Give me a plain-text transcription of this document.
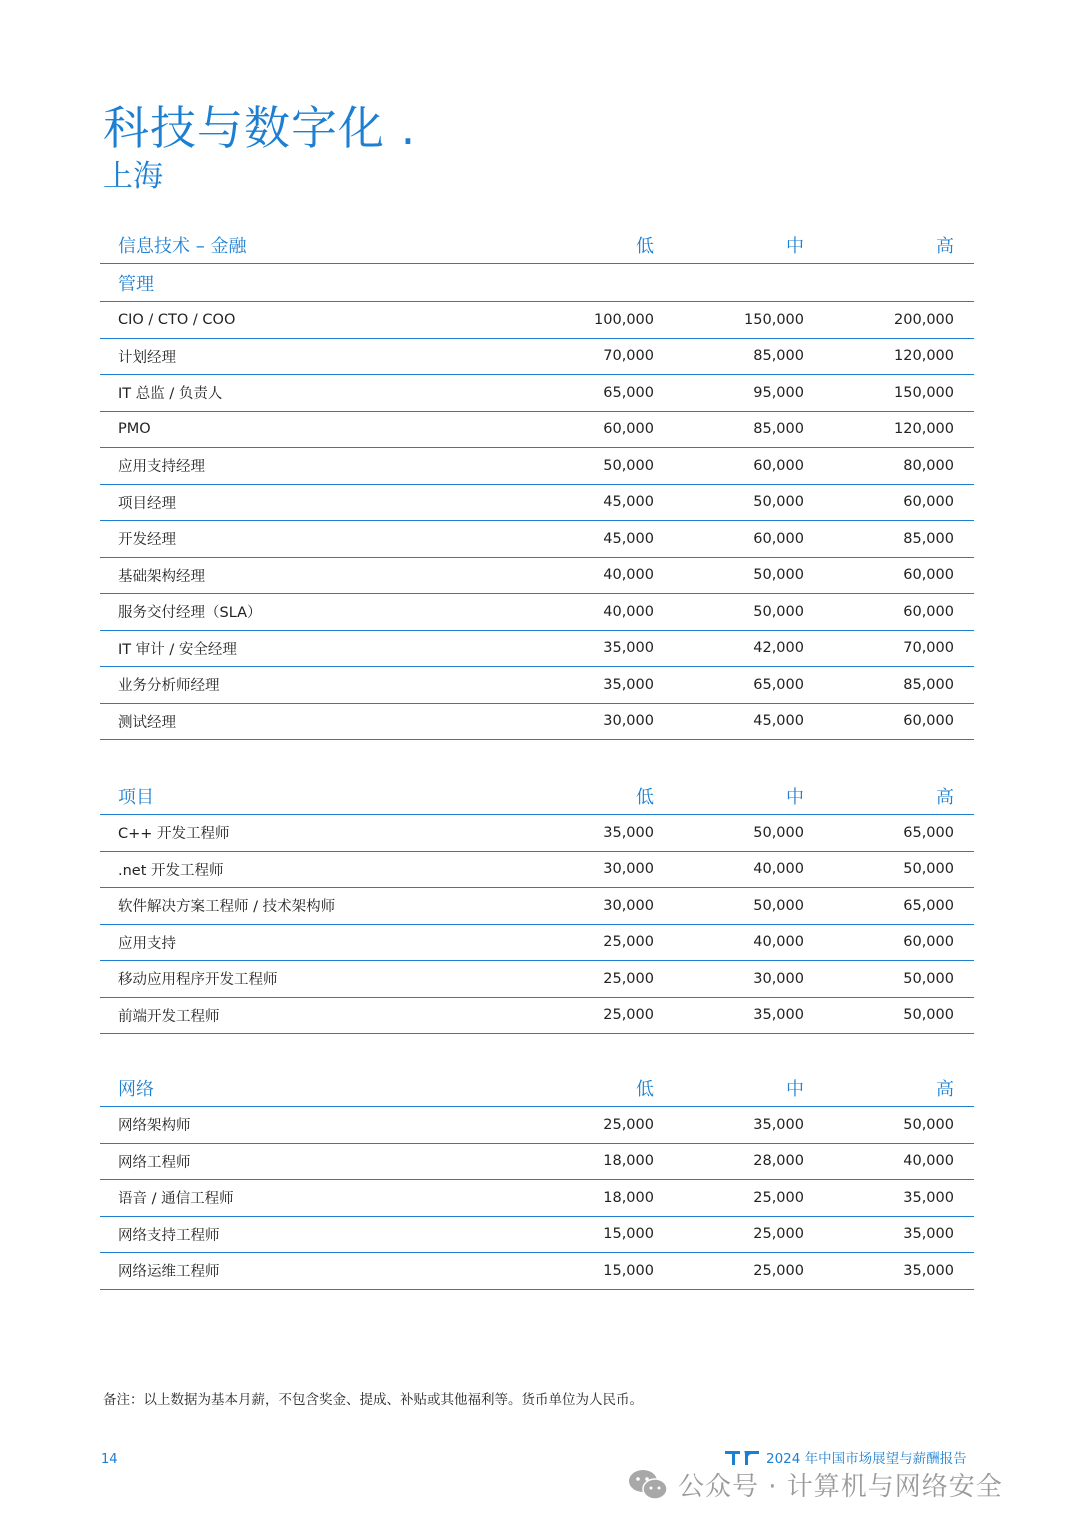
科技与数字化 .
上海
信息技术 – 金融	低	中	高
管理
CIO / CTO / COO	100,000	150,000	200,000
计划经理	70,000	85,000	120,000
IT 总监 / 负责人	65,000	95,000	150,000
PMO	60,000	85,000	120,000
应用支持经理	50,000	60,000	80,000
项目经理	45,000	50,000	60,000
开发经理	45,000	60,000	85,000
基础架构经理	40,000	50,000	60,000
服务交付经理（SLA）	40,000	50,000	60,000
IT 审计 / 安全经理	35,000	42,000	70,000
业务分析师经理	35,000	65,000	85,000
测试经理	30,000	45,000	60,000
项目	低	中	高
C++ 开发工程师	35,000	50,000	65,000
.net 开发工程师	30,000	40,000	50,000
软件解决方案工程师 / 技术架构师	30,000	50,000	65,000
应用支持	25,000	40,000	60,000
移动应用程序开发工程师	25,000	30,000	50,000
前端开发工程师	25,000	35,000	50,000
网络	低	中	高
网络架构师	25,000	35,000	50,000
网络工程师	18,000	28,000	40,000
语音 / 通信工程师	18,000	25,000	35,000
网络支持工程师	15,000	25,000	35,000
网络运维工程师	15,000	25,000	35,000
备注：以上数据为基本月薪，不包含奖金、提成、补贴或其他福利等。货币单位为人民币。
14	2024 年中国市场展望与薪酬报告
公众号 · 计算机与网络安全
